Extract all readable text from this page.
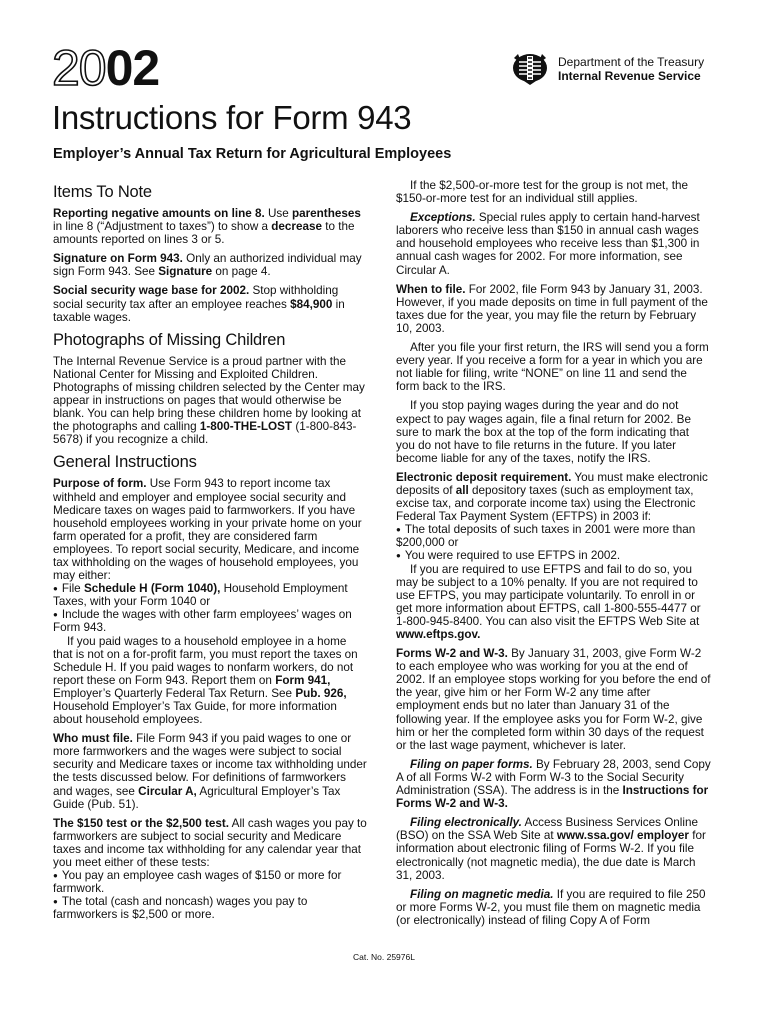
2002	Department of the Treasury
Internal Revenue Service
Instructions for Form 943
Employer’s Annual Tax Return for Agricultural Employees
Items To Note

Reporting negative amounts on line 8. Use parentheses in line 8 (“Adjustment to taxes”) to show a decrease to the amounts reported on lines 3 or 5.

Signature on Form 943. Only an authorized individual may sign Form 943. See Signature on page 4.

Social security wage base for 2002. Stop withholding social security tax after an employee reaches $84,900 in taxable wages.

Photographs of Missing Children

The Internal Revenue Service is a proud partner with the National Center for Missing and Exploited Children. Photographs of missing children selected by the Center may appear in instructions on pages that would otherwise be blank. You can help bring these children home by looking at the photographs and calling 1-800-THE-LOST (1-800-843-5678) if you recognize a child.

General Instructions

Purpose of form. Use Form 943 to report income tax withheld and employer and employee social security and Medicare taxes on wages paid to farmworkers. If you have household employees working in your private home on your farm operated for a profit, they are considered farm employees. To report social security, Medicare, and income tax withholding on the wages of household employees, you may either:

● File Schedule H (Form 1040), Household Employment Taxes, with your Form 1040 or

● Include the wages with other farm employees’ wages on Form 943.

If you paid wages to a household employee in a home that is not on a for-profit farm, you must report the taxes on Schedule H. If you paid wages to nonfarm workers, do not report these on Form 943. Report them on Form 941, Employer’s Quarterly Federal Tax Return. See Pub. 926, Household Employer’s Tax Guide, for more information about household employees.

Who must file. File Form 943 if you paid wages to one or more farmworkers and the wages were subject to social security and Medicare taxes or income tax withholding under the tests discussed below. For definitions of farmworkers and wages, see Circular A, Agricultural Employer’s Tax Guide (Pub. 51).

The $150 test or the $2,500 test. All cash wages you pay to farmworkers are subject to social security and Medicare taxes and income tax withholding for any calendar year that you meet either of these tests:

● You pay an employee cash wages of $150 or more for farmwork.

● The total (cash and noncash) wages you pay to farmworkers is $2,500 or more.

If the $2,500-or-more test for the group is not met, the $150-or-more test for an individual still applies.

Exceptions. Special rules apply to certain hand-harvest laborers who receive less than $150 in annual cash wages and household employees who receive less than $1,300 in annual cash wages for 2002. For more information, see Circular A.

When to file. For 2002, file Form 943 by January 31, 2003. However, if you made deposits on time in full payment of the taxes due for the year, you may file the return by February 10, 2003.

After you file your first return, the IRS will send you a form every year. If you receive a form for a year in which you are not liable for filing, write “NONE” on line 11 and send the form back to the IRS.

If you stop paying wages during the year and do not expect to pay wages again, file a final return for 2002. Be sure to mark the box at the top of the form indicating that you do not have to file returns in the future. If you later become liable for any of the taxes, notify the IRS.

Electronic deposit requirement. You must make electronic deposits of all depository taxes (such as employment tax, excise tax, and corporate income tax) using the Electronic Federal Tax Payment System (EFTPS) in 2003 if:

● The total deposits of such taxes in 2001 were more than $200,000 or

● You were required to use EFTPS in 2002.

If you are required to use EFTPS and fail to do so, you may be subject to a 10% penalty. If you are not required to use EFTPS, you may participate voluntarily. To enroll in or get more information about EFTPS, call 1-800-555-4477 or 1-800-945-8400. You can also visit the EFTPS Web Site at www.eftps.gov.

Forms W-2 and W-3. By January 31, 2003, give Form W-2 to each employee who was working for you at the end of 2002. If an employee stops working for you before the end of the year, give him or her Form W-2 any time after employment ends but no later than January 31 of the following year. If the employee asks you for Form W-2, give him or her the completed form within 30 days of the request or the last wage payment, whichever is later.

Filing on paper forms. By February 28, 2003, send Copy A of all Forms W-2 with Form W-3 to the Social Security Administration (SSA). The address is in the Instructions for Forms W-2 and W-3.

Filing electronically. Access Business Services Online (BSO) on the SSA Web Site at www.ssa.gov/ employer for information about electronic filing of Forms W-2. If you file electronically (not magnetic media), the due date is March 31, 2003.

Filing on magnetic media. If you are required to file 250 or more Forms W-2, you must file them on magnetic media (or electronically) instead of filing Copy A of Form

Cat. No. 25976L
